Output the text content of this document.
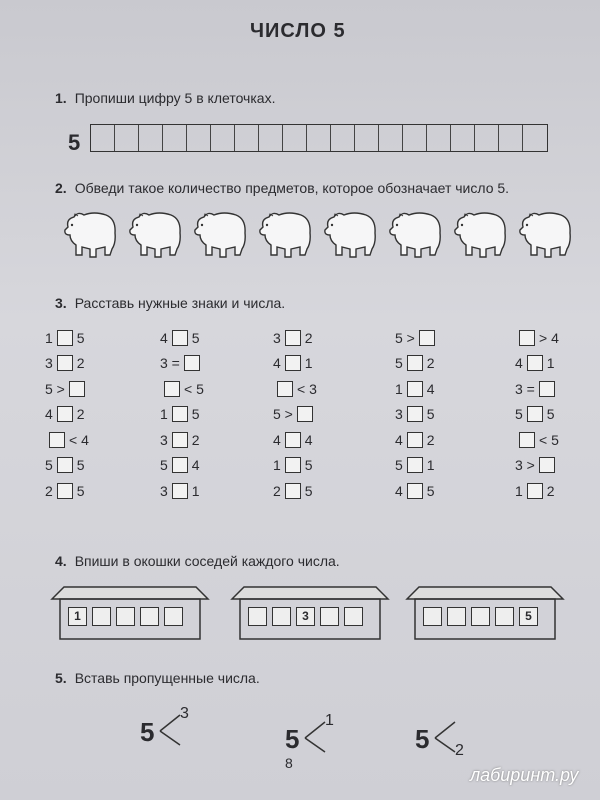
ЧИСЛО 5
1. Пропиши цифру 5 в клеточках.
5
2. Обведи такое количество предметов, которое обозначает число 5.
3. Расставь нужные знаки и числа.
1 5
3 2
5 >
4 2
< 4
5 5
2 5
4 5
3 =
< 5
1 5
3 2
5 4
3 1
3 2
4 1
< 3
5 >
4 4
1 5
2 5
5 >
5 2
1 4
3 5
4 2
5 1
4 5
> 4
4 1
3 =
5 5
< 5
3 >
1 2
4. Впиши в окошки соседей каждого числа.
1	3	5
5. Вставь пропущенные числа.
5
3
5
1
5 2
8
лабиринт.ру
